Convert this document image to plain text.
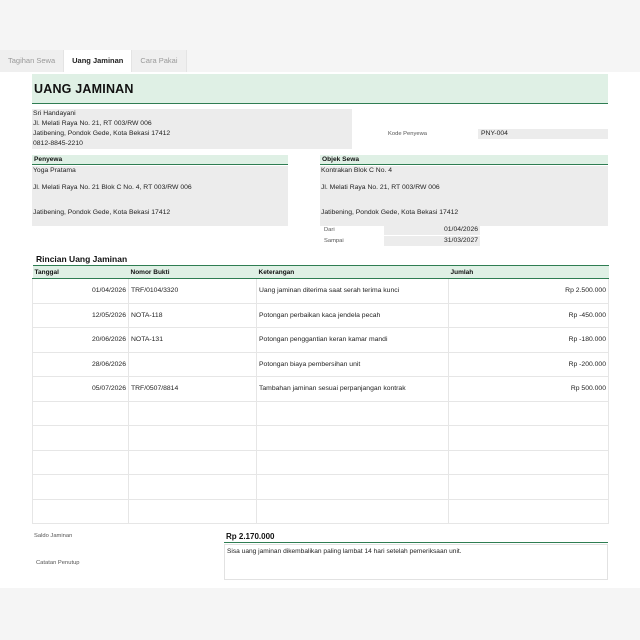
Tagihan Sewa	Uang Jaminan	Cara Pakai
UANG JAMINAN
Sri Handayani
Jl. Melati Raya No. 21, RT 003/RW 006
Jatibening, Pondok Gede, Kota Bekasi 17412
0812-8845-2210
Kode Penyewa	PNY-004
Penyewa
Yoga Pratama
Jl. Melati Raya No. 21 Blok C No. 4, RT 003/RW 006
Jatibening, Pondok Gede, Kota Bekasi 17412
Objek Sewa
Kontrakan Blok C No. 4
Jl. Melati Raya No. 21, RT 003/RW 006
Jatibening, Pondok Gede, Kota Bekasi 17412
Dari	01/04/2026
Sampai	31/03/2027
Rincian Uang Jaminan
Tanggal	Nomor Bukti	Keterangan	Jumlah
01/04/2026	TRF/0104/3320	Uang jaminan diterima saat serah terima kunci	Rp 2.500.000
12/05/2026	NOTA-118	Potongan perbaikan kaca jendela pecah	Rp -450.000
20/06/2026	NOTA-131	Potongan penggantian keran kamar mandi	Rp -180.000
28/06/2026		Potongan biaya pembersihan unit	Rp -200.000
05/07/2026	TRF/0507/8814	Tambahan jaminan sesuai perpanjangan kontrak	Rp 500.000

Saldo Jaminan	Rp 2.170.000
Catatan Penutup
Sisa uang jaminan dikembalikan paling lambat 14 hari setelah pemeriksaan unit.
